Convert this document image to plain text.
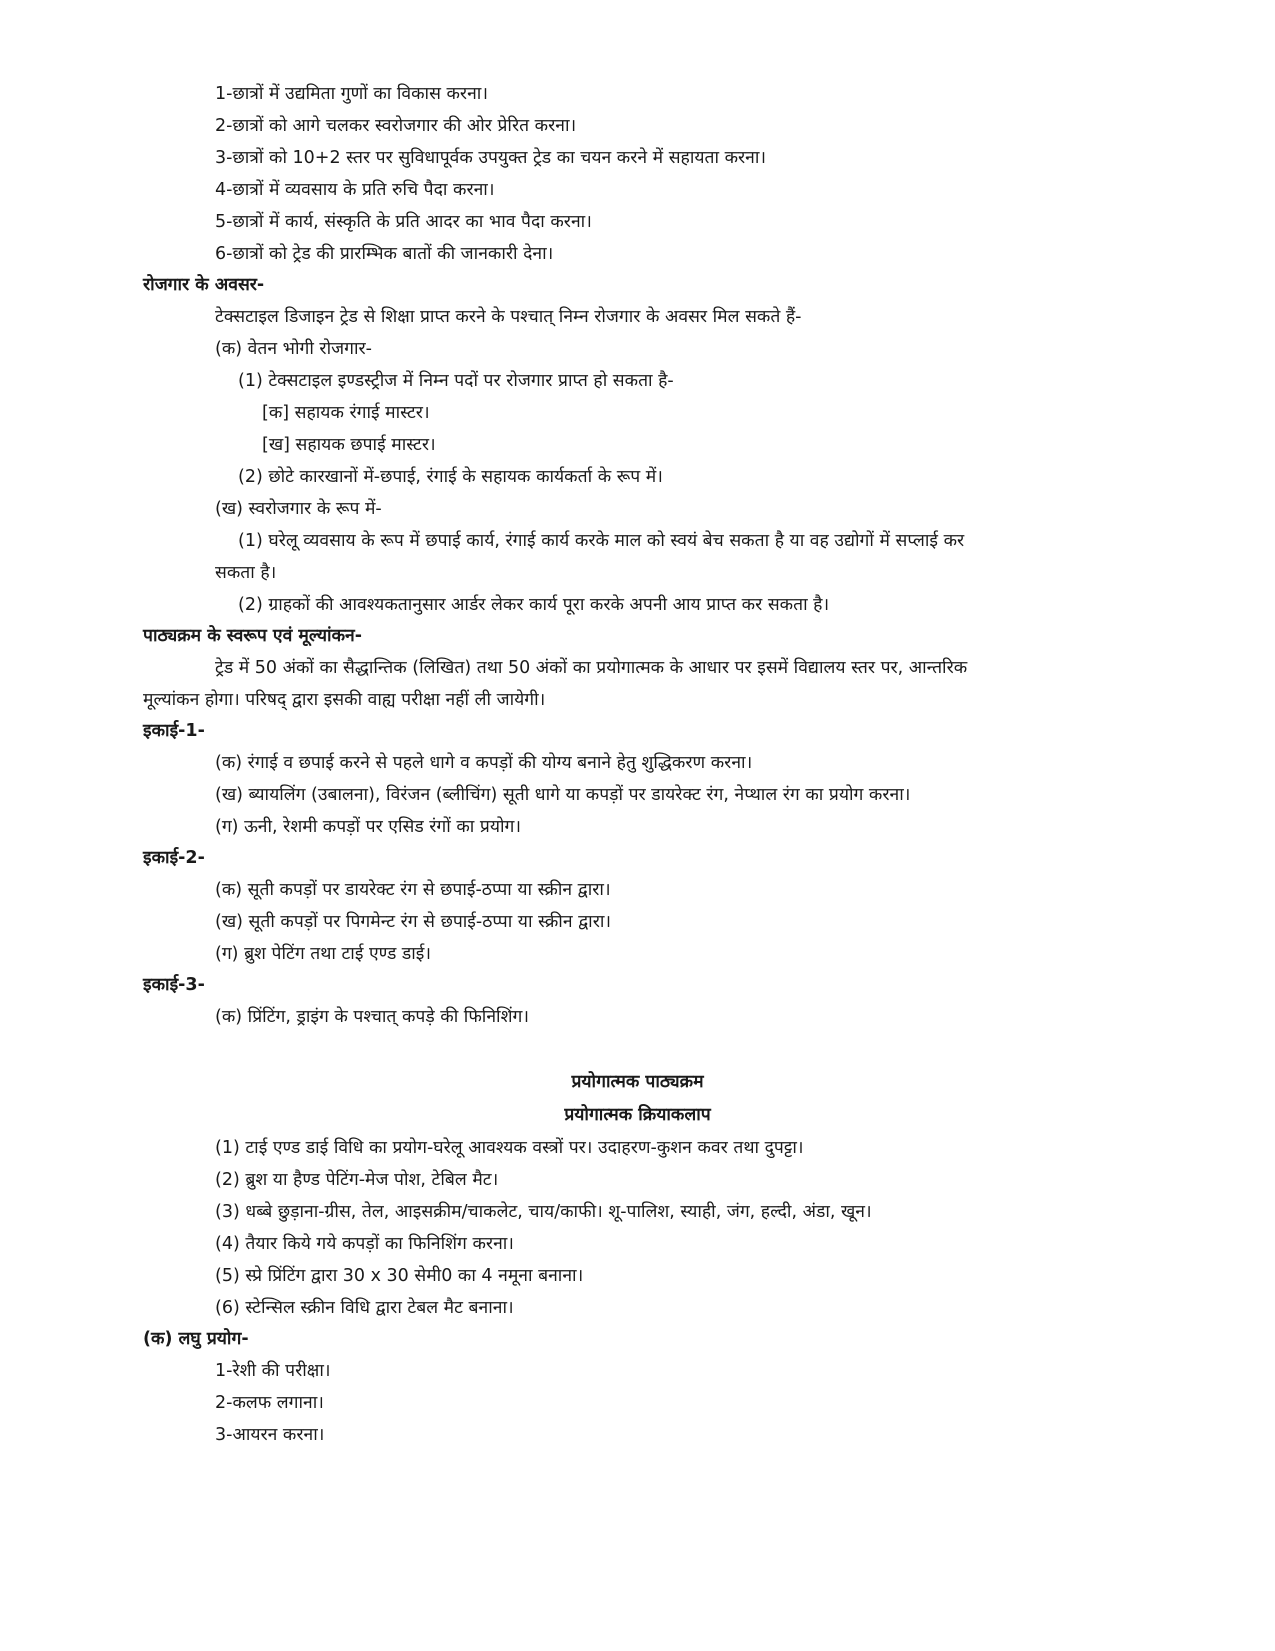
1-छात्रों में उद्यमिता गुणों का विकास करना।
2-छात्रों को आगे चलकर स्वरोजगार की ओर प्रेरित करना।
3-छात्रों को 10+2 स्तर पर सुविधापूर्वक उपयुक्त ट्रेड का चयन करने में सहायता करना।
4-छात्रों में व्यवसाय के प्रति रुचि पैदा करना।
5-छात्रों में कार्य, संस्कृति के प्रति आदर का भाव पैदा करना।
6-छात्रों को ट्रेड की प्रारम्भिक बातों की जानकारी देना।
रोजगार के अवसर-
टेक्सटाइल डिजाइन ट्रेड से शिक्षा प्राप्त करने के पश्चात् निम्न रोजगार के अवसर मिल सकते हैं-
(क) वेतन भोगी रोजगार-
(1) टेक्सटाइल इण्डस्ट्रीज में निम्न पदों पर रोजगार प्राप्त हो सकता है-
[क] सहायक रंगाई मास्टर।
[ख] सहायक छपाई मास्टर।
(2) छोटे कारखानों में-छपाई, रंगाई के सहायक कार्यकर्ता के रूप में।
(ख) स्वरोजगार के रूप में-
(1) घरेलू व्यवसाय के रूप में छपाई कार्य, रंगाई कार्य करके माल को स्वयं बेच सकता है या वह उद्योगों में सप्लाई कर
सकता है।
(2) ग्राहकों की आवश्यकतानुसार आर्डर लेकर कार्य पूरा करके अपनी आय प्राप्त कर सकता है।
पाठ्यक्रम के स्वरूप एवं मूल्यांकन-
ट्रेड में 50 अंकों का सैद्धान्तिक (लिखित) तथा 50 अंकों का प्रयोगात्मक के आधार पर इसमें विद्यालय स्तर पर, आन्तरिक
मूल्यांकन होगा। परिषद् द्वारा इसकी वाह्य परीक्षा नहीं ली जायेगी।
इकाई-1-
(क) रंगाई व छपाई करने से पहले धागे व कपड़ों की योग्य बनाने हेतु शुद्धिकरण करना।
(ख) ब्यायलिंग (उबालना), विरंजन (ब्लीचिंग) सूती धागे या कपड़ों पर डायरेक्ट रंग, नेप्थाल रंग का प्रयोग करना।
(ग) ऊनी, रेशमी कपड़ों पर एसिड रंगों का प्रयोग।
इकाई-2-
(क) सूती कपड़ों पर डायरेक्ट रंग से छपाई-ठप्पा या स्क्रीन द्वारा।
(ख) सूती कपड़ों पर पिगमेन्ट रंग से छपाई-ठप्पा या स्क्रीन द्वारा।
(ग) ब्रुश पेटिंग तथा टाई एण्ड डाई।
इकाई-3-
(क) प्रिंटिंग, ड्राइंग के पश्चात् कपड़े की फिनिशिंग।
प्रयोगात्मक पाठ्यक्रम
प्रयोगात्मक क्रियाकलाप
(1) टाई एण्ड डाई विधि का प्रयोग-घरेलू आवश्यक वस्त्रों पर। उदाहरण-कुशन कवर तथा दुपट्टा।
(2) ब्रुश या हैण्ड पेटिंग-मेज पोश, टेबिल मैट।
(3) धब्बे छुड़ाना-ग्रीस, तेल, आइसक्रीम/चाकलेट, चाय/काफी। शू-पालिश, स्याही, जंग, हल्दी, अंडा, खून।
(4) तैयार किये गये कपड़ों का फिनिशिंग करना।
(5) स्प्रे प्रिंटिंग द्वारा 30 x 30 सेमी0 का 4 नमूना बनाना।
(6) स्टेन्सिल स्क्रीन विधि द्वारा टेबल मैट बनाना।
(क) लघु प्रयोग-
1-रेशी की परीक्षा।
2-कलफ लगाना।
3-आयरन करना।
